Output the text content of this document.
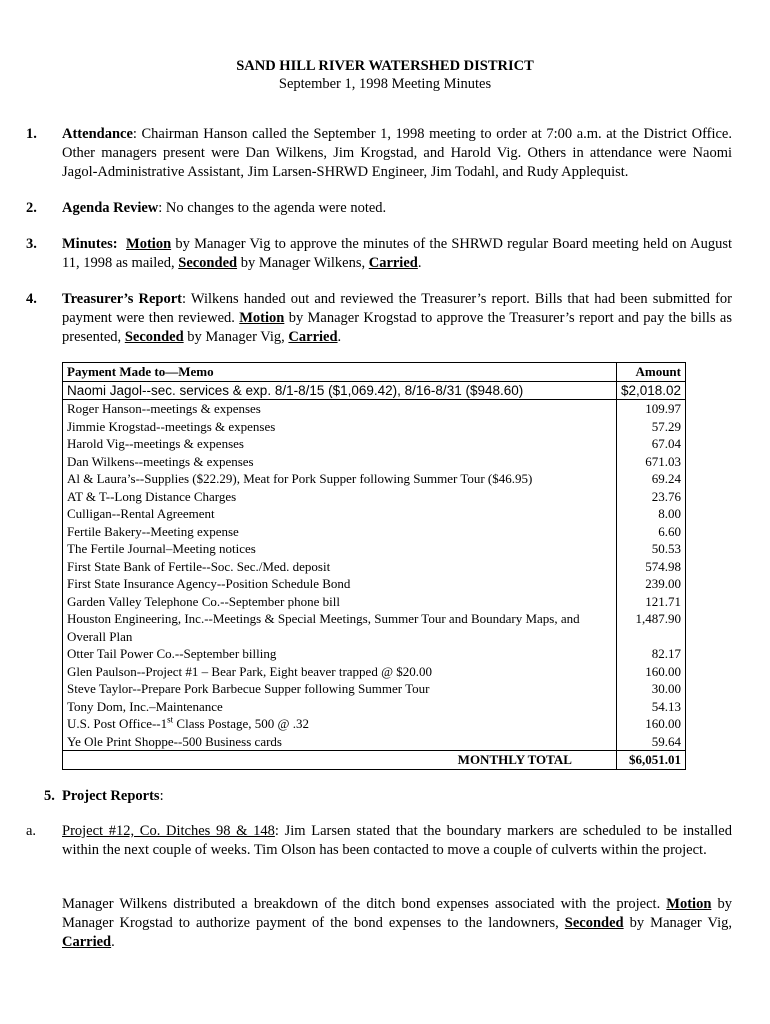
SAND HILL RIVER WATERSHED DISTRICT
September 1, 1998 Meeting Minutes

1. Attendance: Chairman Hanson called the September 1, 1998 meeting to order at 7:00 a.m. at the District Office. Other managers present were Dan Wilkens, Jim Krogstad, and Harold Vig. Others in attendance were Naomi Jagol-Administrative Assistant, Jim Larsen-SHRWD Engineer, Jim Todahl, and Rudy Applequist.

2. Agenda Review: No changes to the agenda were noted.

3. Minutes: Motion by Manager Vig to approve the minutes of the SHRWD regular Board meeting held on August 11, 1998 as mailed, Seconded by Manager Wilkens, Carried.

4. Treasurer’s Report: Wilkens handed out and reviewed the Treasurer’s report. Bills that had been submitted for payment were then reviewed. Motion by Manager Krogstad to approve the Treasurer’s report and pay the bills as presented, Seconded by Manager Vig, Carried.

Payment Made to—Memo	Amount
Naomi Jagol--sec. services & exp. 8/1-8/15 ($1,069.42), 8/16-8/31 ($948.60)	$2,018.02
Roger Hanson--meetings & expenses	109.97
Jimmie Krogstad--meetings & expenses	57.29
Harold Vig--meetings & expenses	67.04
Dan Wilkens--meetings & expenses	671.03
Al & Laura’s--Supplies ($22.29), Meat for Pork Supper following Summer Tour ($46.95)	69.24
AT & T--Long Distance Charges	23.76
Culligan--Rental Agreement	8.00
Fertile Bakery--Meeting expense	6.60
The Fertile Journal–Meeting notices	50.53
First State Bank of Fertile--Soc. Sec./Med. deposit	574.98
First State Insurance Agency--Position Schedule Bond	239.00
Garden Valley Telephone Co.--September phone bill	121.71
Houston Engineering, Inc.--Meetings & Special Meetings, Summer Tour and Boundary Maps, and Overall Plan	1,487.90
Otter Tail Power Co.--September billing	82.17
Glen Paulson--Project #1 – Bear Park, Eight beaver trapped @ $20.00	160.00
Steve Taylor--Prepare Pork Barbecue Supper following Summer Tour	30.00
Tony Dom, Inc.–Maintenance	54.13
U.S. Post Office--1st Class Postage, 500 @ .32	160.00
Ye Ole Print Shoppe--500 Business cards	59.64
MONTHLY TOTAL	$6,051.01

5. Project Reports:

a. Project #12, Co. Ditches 98 & 148: Jim Larsen stated that the boundary markers are scheduled to be installed within the next couple of weeks. Tim Olson has been contacted to move a couple of culverts within the project.

Manager Wilkens distributed a breakdown of the ditch bond expenses associated with the project. Motion by Manager Krogstad to authorize payment of the bond expenses to the landowners, Seconded by Manager Vig, Carried.
